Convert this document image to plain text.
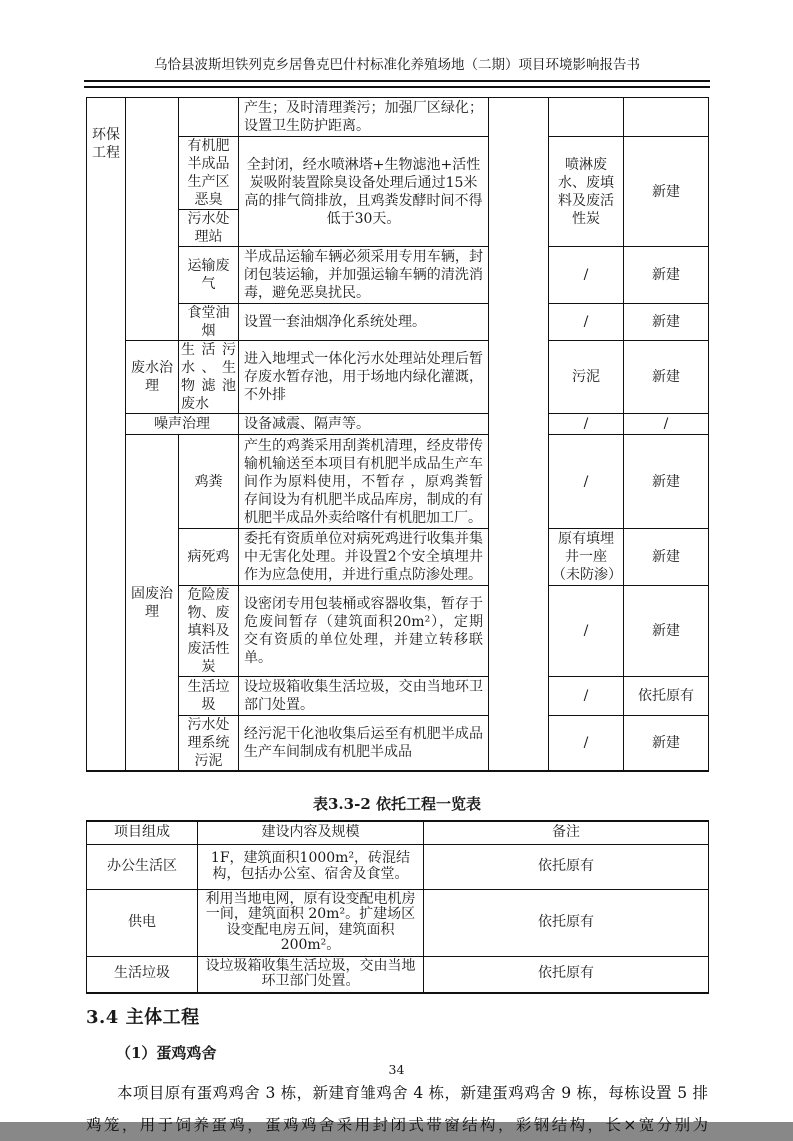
乌恰县波斯坦铁列克乡居鲁克巴什村标准化养殖场地（二期）项目环境影响报告书
环保工程			产生；及时清理粪污；加强厂区绿化；设置卫生防护距离。			
		有机肥半成品生产区恶臭	全封闭，经水喷淋塔+生物滤池+活性炭吸附装置除臭设备处理后通过15米高的排气筒排放，且鸡粪发酵时间不得低于30天。		喷淋废水、废填料及废活性炭	新建
		污水处理站				
		运输废气	半成品运输车辆必须采用专用车辆，封闭包装运输，并加强运输车辆的清洗消毒，避免恶臭扰民。		/	新建
		食堂油烟	设置一套油烟净化系统处理。		/	新建
	废水治理	生活污水、生物滤池废水	进入地埋式一体化污水处理站处理后暂存废水暂存池，用于场地内绿化灌溉，不外排		污泥	新建
	噪声治理		设备减震、隔声等。		/	/
	固废治理	鸡粪	产生的鸡粪采用刮粪机清理，经皮带传输机输送至本项目有机肥半成品生产车间作为原料使用，不暂存 ，原鸡粪暂存间设为有机肥半成品库房，制成的有机肥半成品外卖给喀什有机肥加工厂。		/	新建
		病死鸡	委托有资质单位对病死鸡进行收集并集中无害化处理。并设置2个安全填埋井作为应急使用，并进行重点防渗处理。		原有填埋井一座（未防渗）	新建
		危险废物、废填料及废活性炭	设密闭专用包装桶或容器收集，暂存于危废间暂存（建筑面积20m²），定期交有资质的单位处理，并建立转移联单。		/	新建
		生活垃圾	设垃圾箱收集生活垃圾，交由当地环卫部门处置。		/	依托原有
		污水处理系统污泥	经污泥干化池收集后运至有机肥半成品生产车间制成有机肥半成品		/	新建
表3.3-2 依托工程一览表
项目组成	建设内容及规模	备注
办公生活区	1F，建筑面积1000m²，砖混结构，包括办公室、宿舍及食堂。	依托原有
供电	利用当地电网，原有设变配电机房一间，建筑面积 20m²。扩建场区设变配电房五间，建筑面积 200m²。	依托原有
生活垃圾	设垃圾箱收集生活垃圾，交由当地环卫部门处置。	依托原有
3.4 主体工程
（1）蛋鸡鸡舍
本项目原有蛋鸡鸡舍 3 栋，新建育雏鸡舍 4 栋，新建蛋鸡鸡舍 9 栋，每栋设置 5 排
鸡笼，用于饲养蛋鸡，蛋鸡鸡舍采用封闭式带窗结构，彩钢结构，长×宽分别为
34
